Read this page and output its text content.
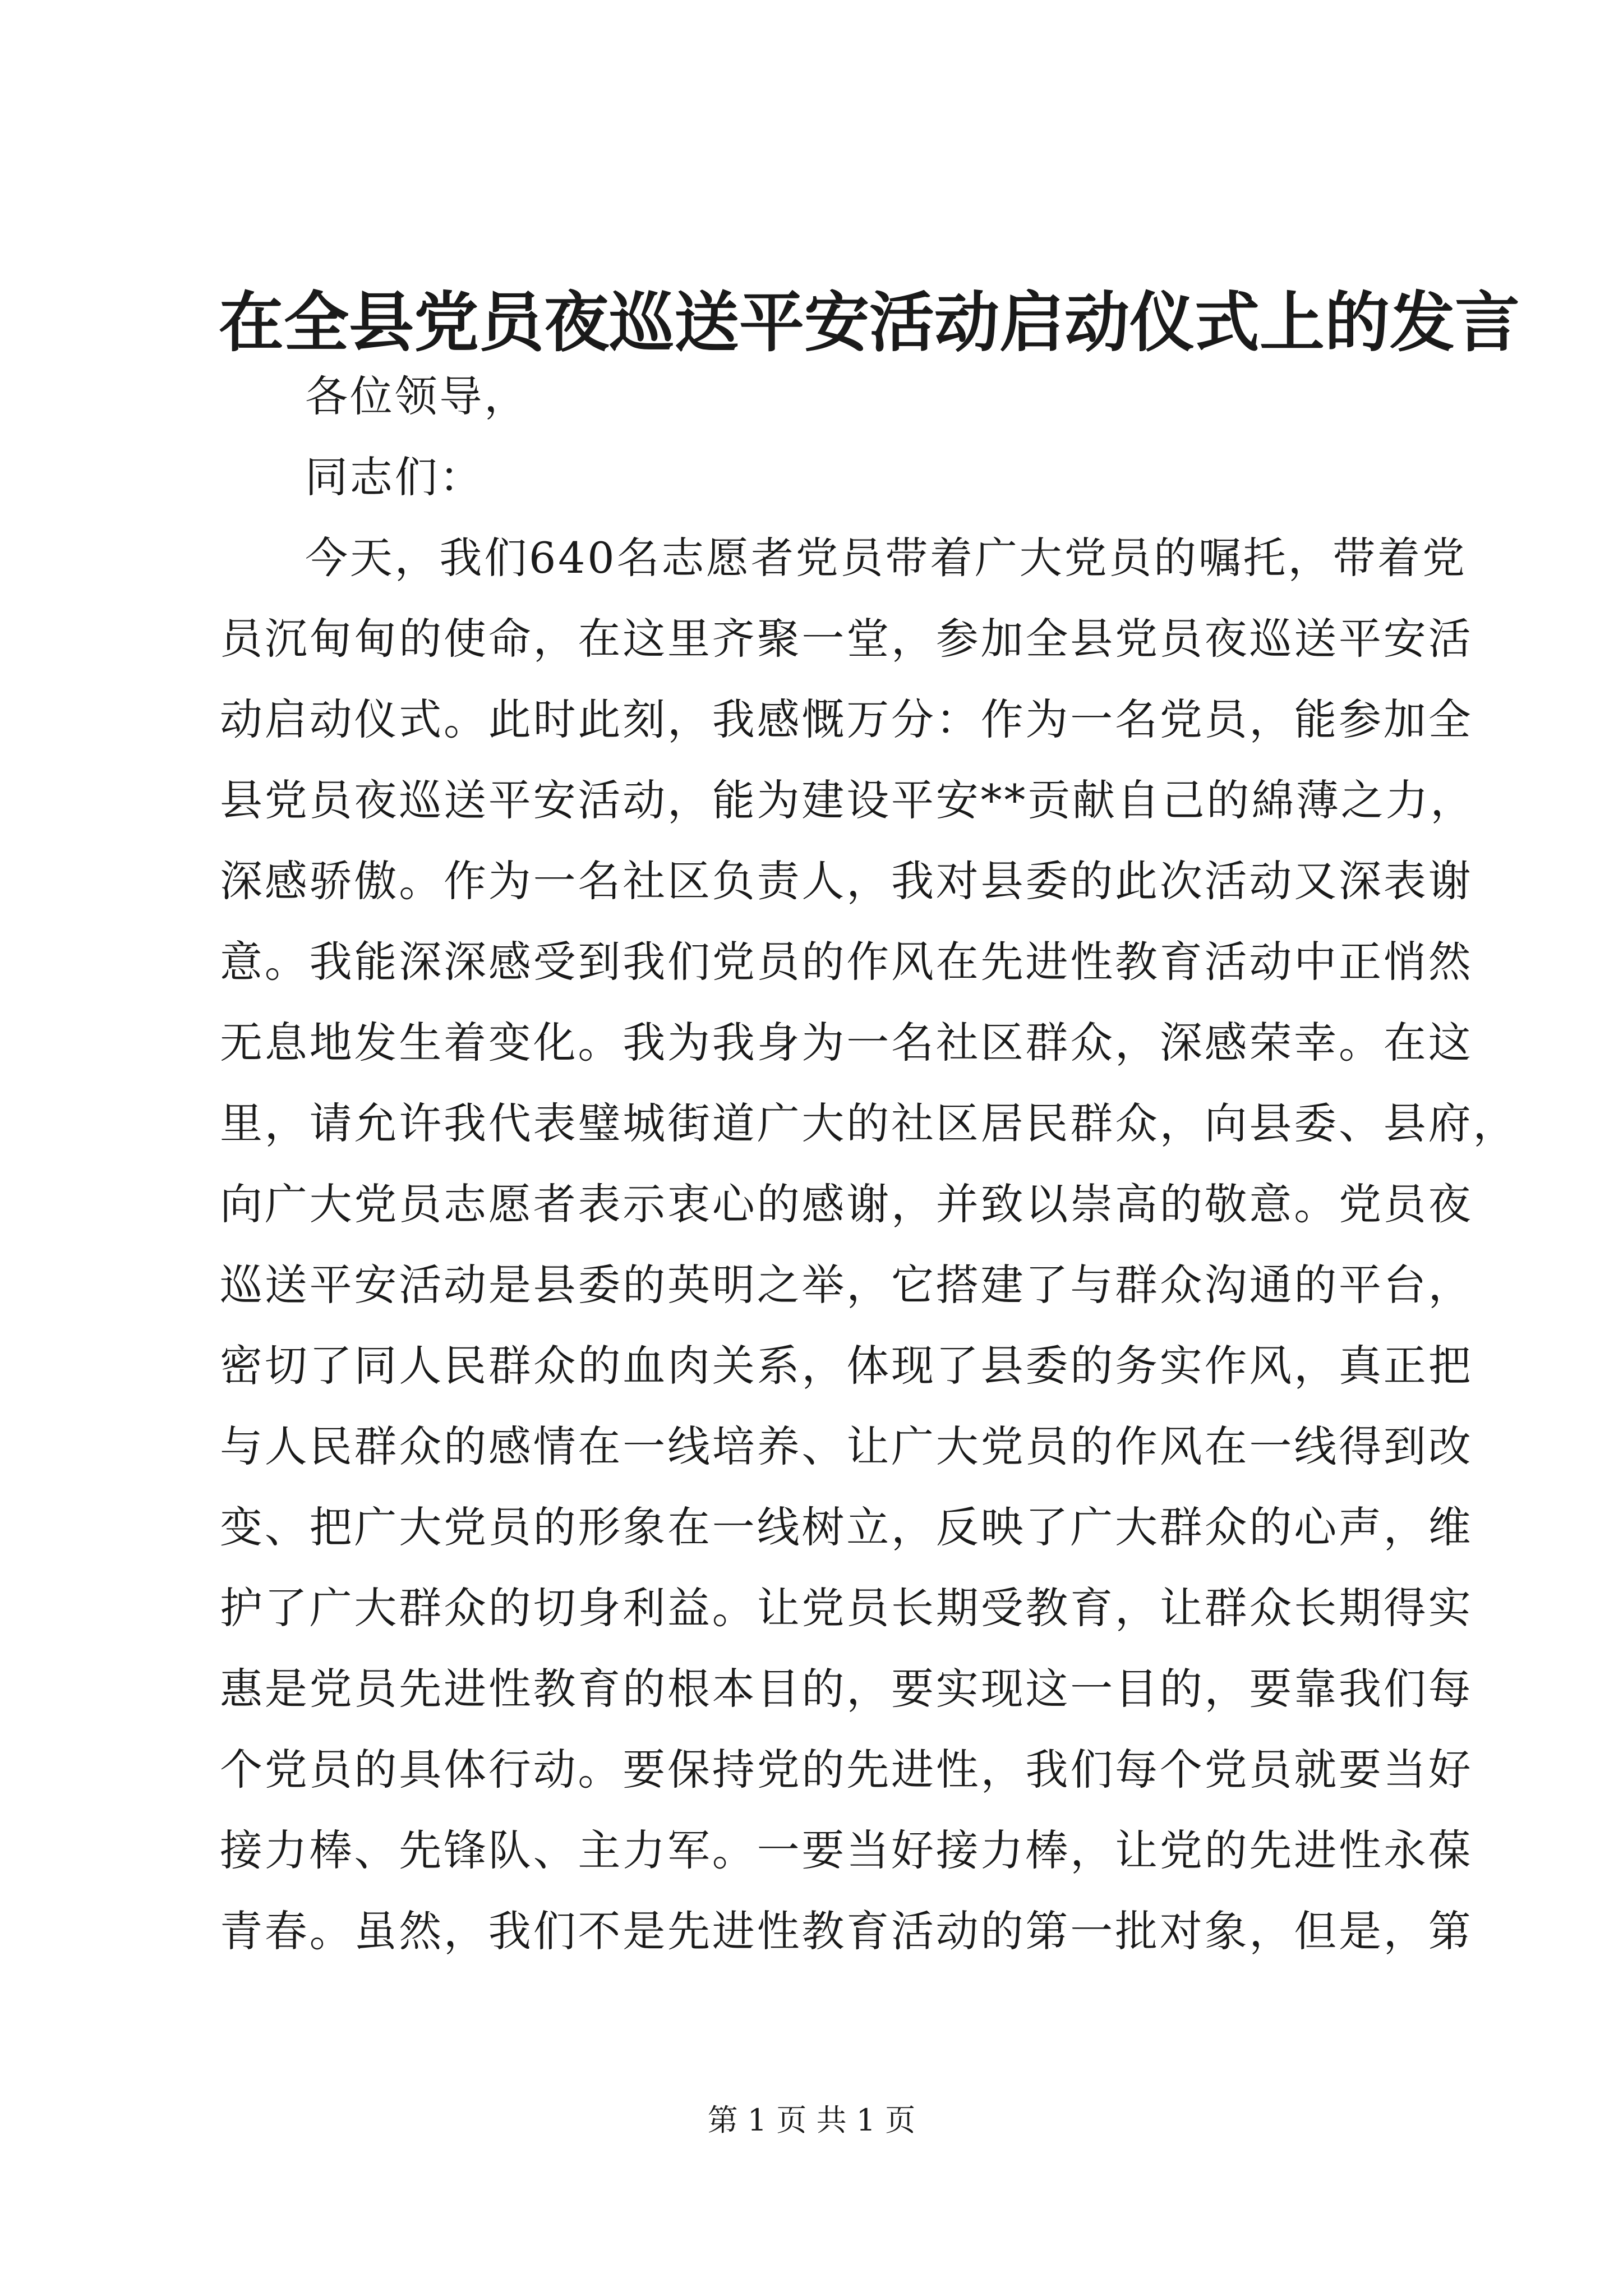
在全县党员夜巡送平安活动启动仪式上的发言
各位领导，
同志们：
今天，我们640名志愿者党员带着广大党员的嘱托，带着党
员沉甸甸的使命，在这里齐聚一堂，参加全县党员夜巡送平安活
动启动仪式。此时此刻，我感慨万分：作为一名党员，能参加全
县党员夜巡送平安活动，能为建设平安**贡献自己的綿薄之力，
深感骄傲。作为一名社区负责人，我对县委的此次活动又深表谢
意。我能深深感受到我们党员的作风在先进性教育活动中正悄然
无息地发生着变化。我为我身为一名社区群众，深感荣幸。在这
里，请允许我代表璧城街道广大的社区居民群众，向县委、县府，
向广大党员志愿者表示衷心的感谢，并致以崇高的敬意。党员夜
巡送平安活动是县委的英明之举，它搭建了与群众沟通的平台，
密切了同人民群众的血肉关系，体现了县委的务实作风，真正把
与人民群众的感情在一线培养、让广大党员的作风在一线得到改
变、把广大党员的形象在一线树立，反映了广大群众的心声，维
护了广大群众的切身利益。让党员长期受教育，让群众长期得实
惠是党员先进性教育的根本目的，要实现这一目的，要靠我们每
个党员的具体行动。要保持党的先进性，我们每个党员就要当好
接力棒、先锋队、主力军。一要当好接力棒，让党的先进性永葆
青春。虽然，我们不是先进性教育活动的第一批对象，但是，第
第 1 页 共 1 页
